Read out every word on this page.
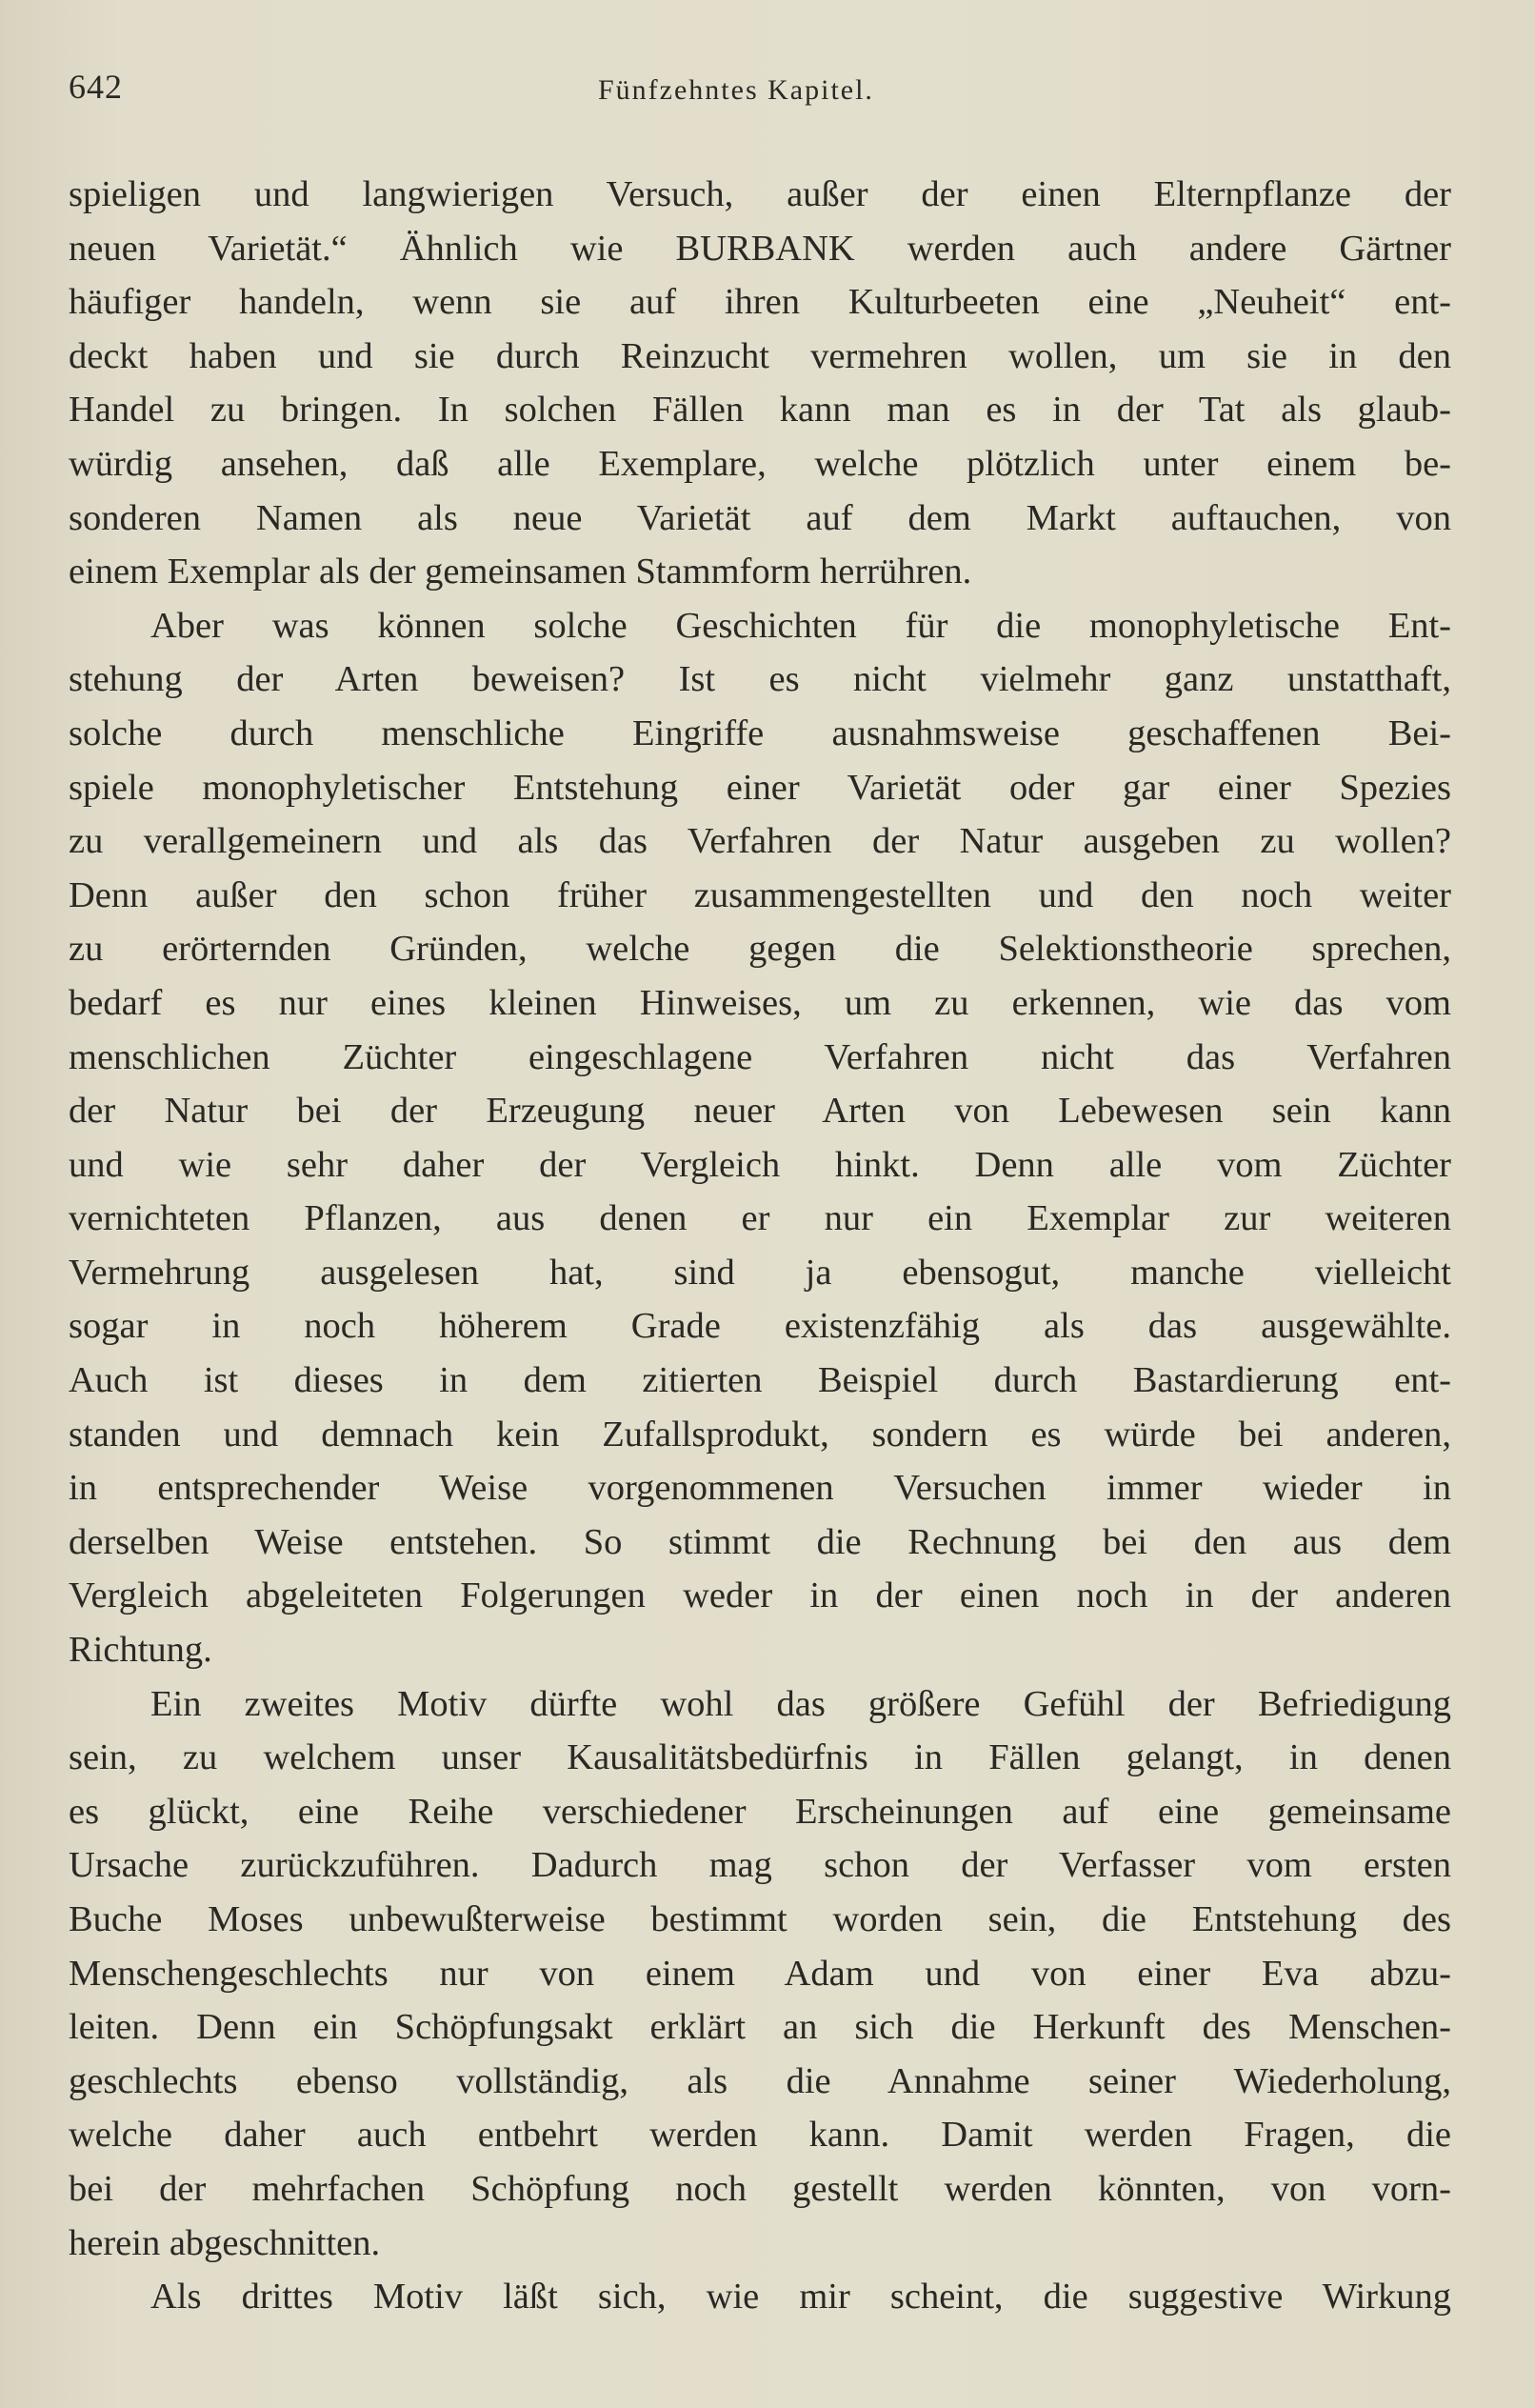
642	Fünfzehntes Kapitel.
spieligen und langwierigen Versuch, außer der einen Elternpflanze der
neuen Varietät.“ Ähnlich wie BURBANK werden auch andere Gärtner
häufiger handeln, wenn sie auf ihren Kulturbeeten eine „Neuheit“ ent-
deckt haben und sie durch Reinzucht vermehren wollen, um sie in den
Handel zu bringen. In solchen Fällen kann man es in der Tat als glaub-
würdig ansehen, daß alle Exemplare, welche plötzlich unter einem be-
sonderen Namen als neue Varietät auf dem Markt auftauchen, von
einem Exemplar als der gemeinsamen Stammform herrühren.
Aber was können solche Geschichten für die monophyletische Ent-
stehung der Arten beweisen? Ist es nicht vielmehr ganz unstatthaft,
solche durch menschliche Eingriffe ausnahmsweise geschaffenen Bei-
spiele monophyletischer Entstehung einer Varietät oder gar einer Spezies
zu verallgemeinern und als das Verfahren der Natur ausgeben zu wollen?
Denn außer den schon früher zusammengestellten und den noch weiter
zu erörternden Gründen, welche gegen die Selektionstheorie sprechen,
bedarf es nur eines kleinen Hinweises, um zu erkennen, wie das vom
menschlichen Züchter eingeschlagene Verfahren nicht das Verfahren
der Natur bei der Erzeugung neuer Arten von Lebewesen sein kann
und wie sehr daher der Vergleich hinkt. Denn alle vom Züchter
vernichteten Pflanzen, aus denen er nur ein Exemplar zur weiteren
Vermehrung ausgelesen hat, sind ja ebensogut, manche vielleicht
sogar in noch höherem Grade existenzfähig als das ausgewählte.
Auch ist dieses in dem zitierten Beispiel durch Bastardierung ent-
standen und demnach kein Zufallsprodukt, sondern es würde bei anderen,
in entsprechender Weise vorgenommenen Versuchen immer wieder in
derselben Weise entstehen. So stimmt die Rechnung bei den aus dem
Vergleich abgeleiteten Folgerungen weder in der einen noch in der anderen
Richtung.
Ein zweites Motiv dürfte wohl das größere Gefühl der Befriedigung
sein, zu welchem unser Kausalitätsbedürfnis in Fällen gelangt, in denen
es glückt, eine Reihe verschiedener Erscheinungen auf eine gemeinsame
Ursache zurückzuführen. Dadurch mag schon der Verfasser vom ersten
Buche Moses unbewußterweise bestimmt worden sein, die Entstehung des
Menschengeschlechts nur von einem Adam und von einer Eva abzu-
leiten. Denn ein Schöpfungsakt erklärt an sich die Herkunft des Menschen-
geschlechts ebenso vollständig, als die Annahme seiner Wiederholung,
welche daher auch entbehrt werden kann. Damit werden Fragen, die
bei der mehrfachen Schöpfung noch gestellt werden könnten, von vorn-
herein abgeschnitten.
Als drittes Motiv läßt sich, wie mir scheint, die suggestive Wirkung
